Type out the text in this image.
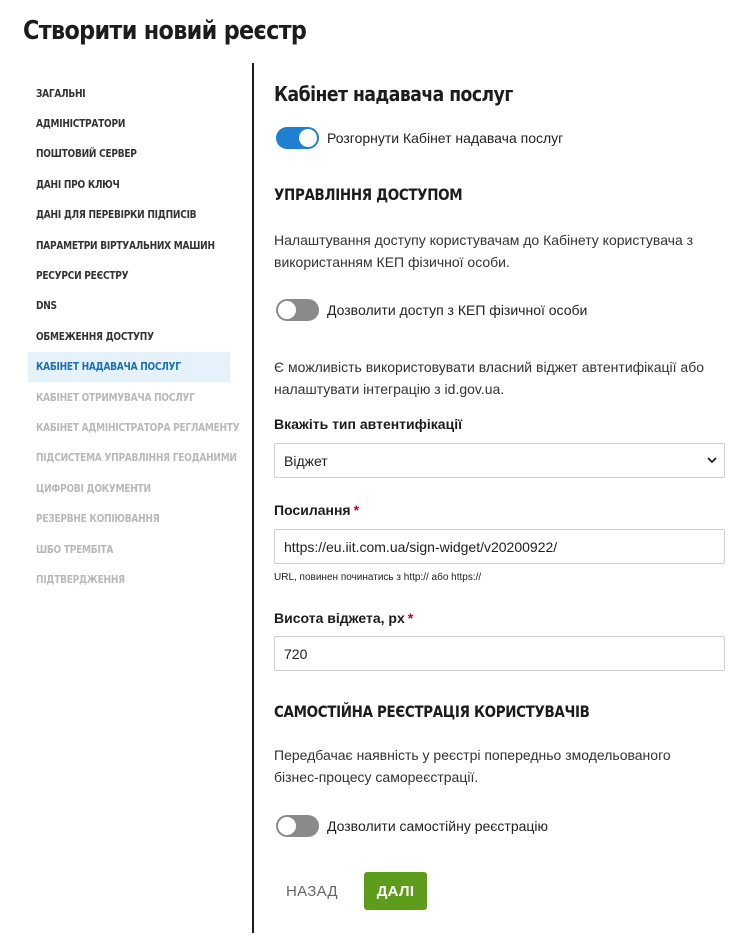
Створити новий реєстр
ЗАГАЛЬНІ
АДМІНІСТРАТОРИ
ПОШТОВИЙ СЕРВЕР
ДАНІ ПРО КЛЮЧ
ДАНІ ДЛЯ ПЕРЕВІРКИ ПІДПИСІВ
ПАРАМЕТРИ ВІРТУАЛЬНИХ МАШИН
РЕСУРСИ РЕЄСТРУ
DNS
ОБМЕЖЕННЯ ДОСТУПУ
КАБІНЕТ НАДАВАЧА ПОСЛУГ
КАБІНЕТ ОТРИМУВАЧА ПОСЛУГ
КАБІНЕТ АДМІНІСТРАТОРА РЕГЛАМЕНТУ
ПІДСИСТЕМА УПРАВЛІННЯ ГЕОДАНИМИ
ЦИФРОВІ ДОКУМЕНТИ
РЕЗЕРВНЕ КОПІЮВАННЯ
ШБО ТРЕМБІТА
ПІДТВЕРДЖЕННЯ
Кабінет надавача послуг
Розгорнути Кабінет надавача послуг
УПРАВЛІННЯ ДОСТУПОМ
Налаштування доступу користувачам до Кабінету користувача з використанням КЕП фізичної особи.
Дозволити доступ з КЕП фізичної особи
Є можливість використовувати власний віджет автентифікації або налаштувати інтеграцію з id.gov.ua.
Вкажіть тип автентифікації
Віджет
Посилання *
https://eu.iit.com.ua/sign-widget/v20200922/
URL, повинен починатись з http:// або https://
Висота віджета, px *
720
САМОСТІЙНА РЕЄСТРАЦІЯ КОРИСТУВАЧІВ
Передбачає наявність у реєстрі попередньо змодельованого бізнес-процесу самореєстрації.
Дозволити самостійну реєстрацію
НАЗАД	ДАЛІ
